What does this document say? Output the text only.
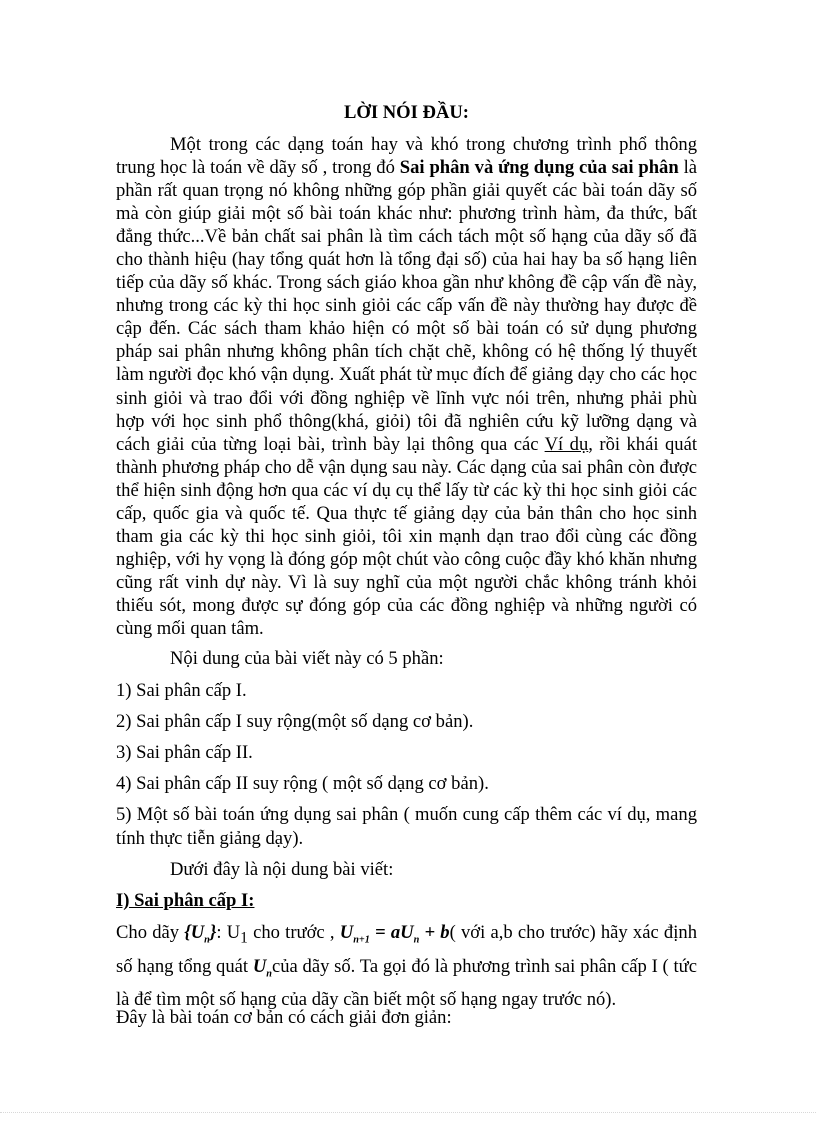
LỜI NÓI ĐẦU:

Một trong các dạng toán hay và khó trong chương trình phổ thông trung học là toán về dãy số , trong đó Sai phân và ứng dụng của sai phân là phần rất quan trọng nó không những góp phần giải quyết các bài toán dãy số mà còn giúp giải một số bài toán khác như: phương trình hàm, đa thức, bất đẳng thức...Về bản chất sai phân là tìm cách tách một số hạng của dãy số đã cho thành hiệu (hay tổng quát hơn là tổng đại số) của hai hay ba số hạng liên tiếp của dãy số khác. Trong sách giáo khoa gần như không đề cập vấn đề này, nhưng trong các kỳ thi học sinh giỏi các cấp vấn đề này thường hay được đề cập đến. Các sách tham khảo hiện có một số bài toán có sử dụng phương pháp sai phân nhưng không phân tích chặt chẽ, không có hệ thống lý thuyết làm người đọc khó vận dụng. Xuất phát từ mục đích để giảng dạy cho các học sinh giỏi và trao đổi với đồng nghiệp về lĩnh vực nói trên, nhưng phải phù hợp với học sinh phổ thông(khá, giỏi) tôi đã nghiên cứu kỹ lưỡng dạng và cách giải của từng loại bài, trình bày lại thông qua các Ví dụ, rồi khái quát thành phương pháp cho dễ vận dụng sau này. Các dạng của sai phân còn được thể hiện sinh động hơn qua các ví dụ cụ thể lấy từ các kỳ thi học sinh giỏi các cấp, quốc gia và quốc tế. Qua thực tế giảng dạy của bản thân cho học sinh tham gia các kỳ thi học sinh giỏi, tôi xin mạnh dạn trao đổi cùng các đồng nghiệp, với hy vọng là đóng góp một chút vào công cuộc đầy khó khăn nhưng cũng rất vinh dự này. Vì là suy nghĩ của một người chắc không tránh khỏi thiếu sót, mong được sự đóng góp của các đồng nghiệp và những người có cùng mối quan tâm.

Nội dung của bài viết này có 5 phần:

1) Sai phân cấp I.

2) Sai phân cấp I suy rộng(một số dạng cơ bản).

3) Sai phân cấp II.

4) Sai phân cấp II suy rộng ( một số dạng cơ bản).

5) Một số bài toán ứng dụng sai phân ( muốn cung cấp thêm các ví dụ, mang tính thực tiễn giảng dạy).

Dưới đây là nội dung bài viết:

I) Sai phân cấp I:

Cho dãy $\{U_n\}$: $U_1$ cho trước , $U_{n+1} = aU_n + b$( với a,b cho trước) hãy xác định số hạng tổng quát $U_ncủa$ dãy số. Ta gọi đó là phương trình sai phân cấp I ( tức là để tìm một số hạng của dãy cần biết một số hạng ngay trước nó).

Đây là bài toán cơ bản có cách giải đơn giản:
